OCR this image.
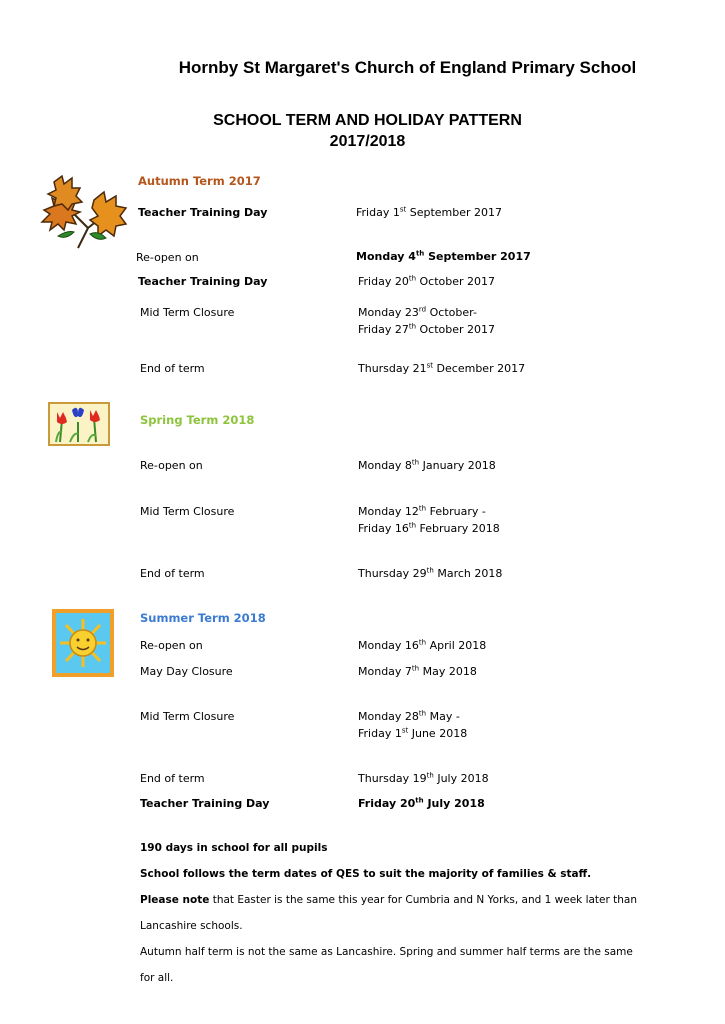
Hornby St Margaret's Church of England Primary School
SCHOOL TERM AND HOLIDAY PATTERN
2017/2018
Autumn Term 2017
Teacher Training Day	Friday 1st September 2017
Re-open on	Monday 4th September 2017
Teacher Training Day	Friday 20th October 2017
Mid Term Closure	Monday 23rd October-
Friday 27th October 2017
End of term	Thursday 21st December 2017
Spring Term 2018
Re-open on	Monday 8th January 2018
Mid Term Closure	Monday 12th February -
Friday 16th February 2018
End of term	Thursday 29th March 2018
Summer Term 2018
Re-open on	Monday 16th April 2018
May Day Closure	Monday 7th May 2018
Mid Term Closure	Monday 28th May -
Friday 1st June 2018
End of term	Thursday 19th July 2018
Teacher Training Day	Friday 20th July 2018
190 days in school for all pupils
School follows the term dates of QES to suit the majority of families & staff.
Please note that Easter is the same this year for Cumbria and N Yorks, and 1 week later than
Lancashire schools.
Autumn half term is not the same as Lancashire. Spring and summer half terms are the same
for all.
